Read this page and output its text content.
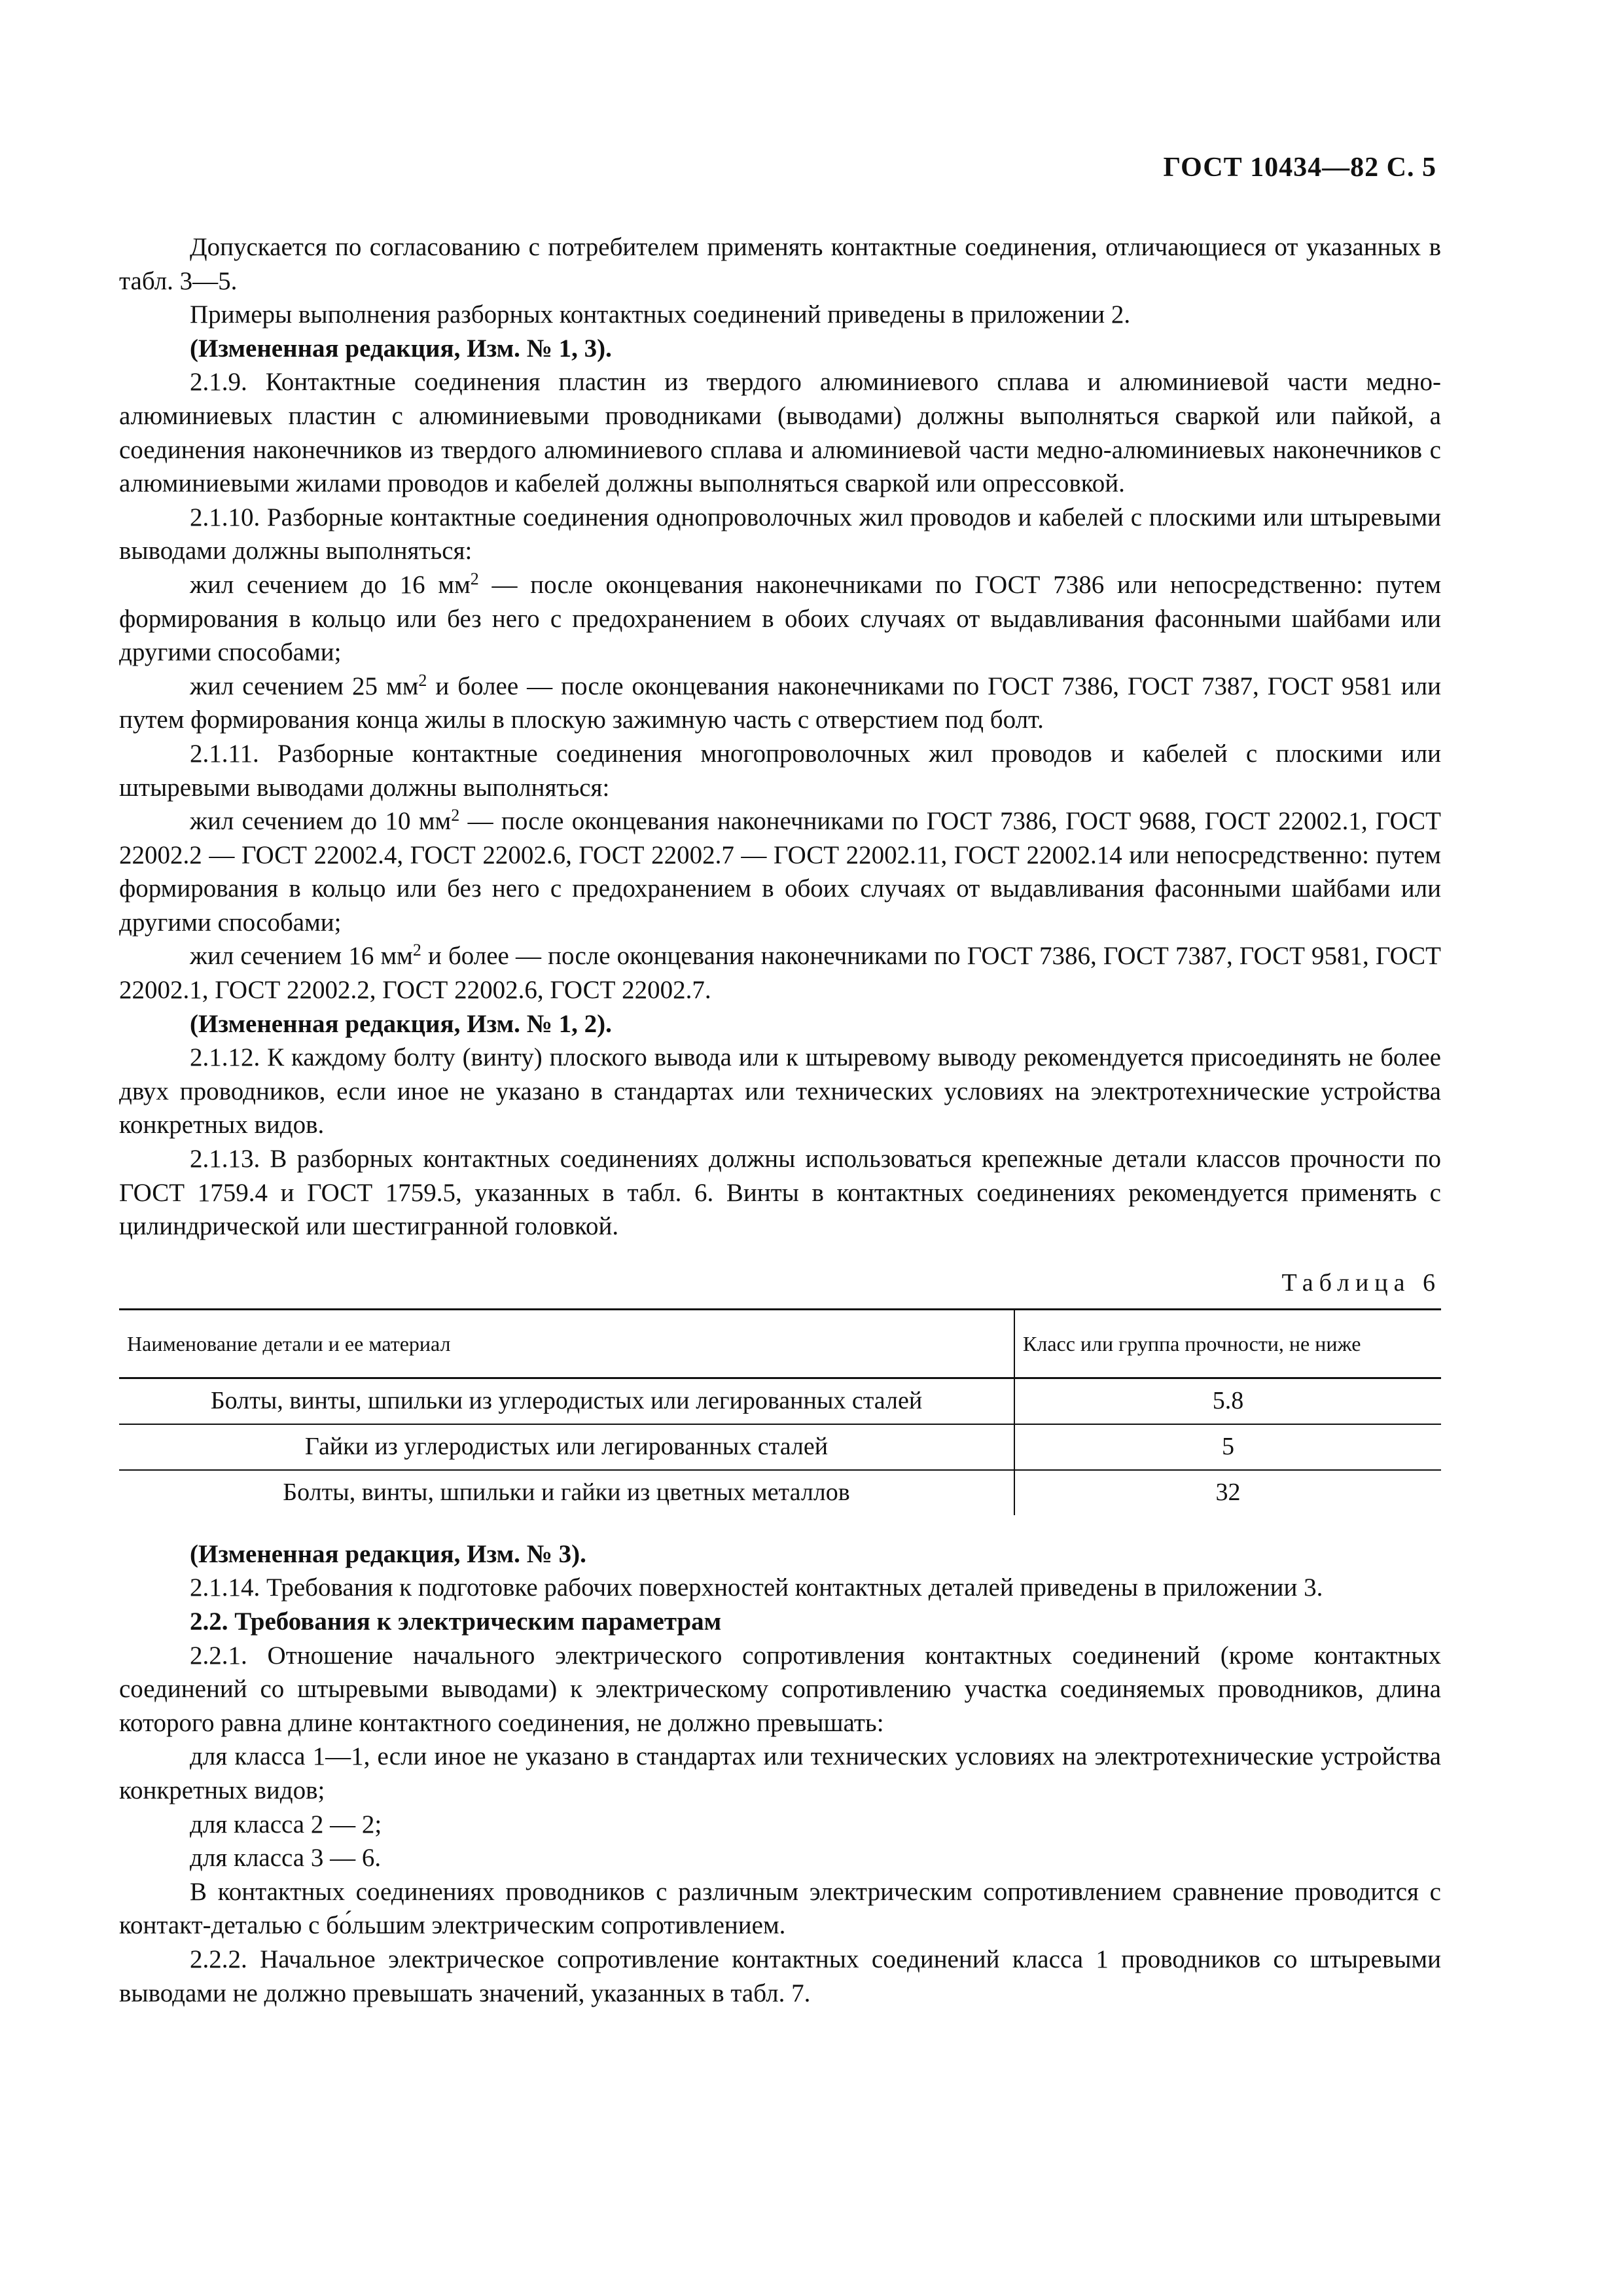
ГОСТ 10434—82 С. 5

Допускается по согласованию с потребителем применять контактные соединения, отличающиеся от указанных в табл. 3—5.

Примеры выполнения разборных контактных соединений приведены в приложении 2.

(Измененная редакция, Изм. № 1, 3).

2.1.9. Контактные соединения пластин из твердого алюминиевого сплава и алюминиевой части медно-алюминиевых пластин с алюминиевыми проводниками (выводами) должны выполняться сваркой или пайкой, а соединения наконечников из твердого алюминиевого сплава и алюминиевой части медно-алюминиевых наконечников с алюминиевыми жилами проводов и кабелей должны выполняться сваркой или опрессовкой.

2.1.10. Разборные контактные соединения однопроволочных жил проводов и кабелей с плоскими или штыревыми выводами должны выполняться:

жил сечением до 16 $мм^2$ — после оконцевания наконечниками по ГОСТ 7386 или непосредственно: путем формирования в кольцо или без него с предохранением в обоих случаях от выдавливания фасонными шайбами или другими способами;

жил сечением 25 $мм^2$ и более — после оконцевания наконечниками по ГОСТ 7386, ГОСТ 7387, ГОСТ 9581 или путем формирования конца жилы в плоскую зажимную часть с отверстием под болт.

2.1.11. Разборные контактные соединения многопроволочных жил проводов и кабелей с плоскими или штыревыми выводами должны выполняться:

жил сечением до 10 $мм^2$ — после оконцевания наконечниками по ГОСТ 7386, ГОСТ 9688, ГОСТ 22002.1, ГОСТ 22002.2 — ГОСТ 22002.4, ГОСТ 22002.6, ГОСТ 22002.7 — ГОСТ 22002.11, ГОСТ 22002.14 или непосредственно: путем формирования в кольцо или без него с предохранением в обоих случаях от выдавливания фасонными шайбами или другими способами;

жил сечением 16 $мм^2$ и более — после оконцевания наконечниками по ГОСТ 7386, ГОСТ 7387, ГОСТ 9581, ГОСТ 22002.1, ГОСТ 22002.2, ГОСТ 22002.6, ГОСТ 22002.7.

(Измененная редакция, Изм. № 1, 2).

2.1.12. К каждому болту (винту) плоского вывода или к штыревому выводу рекомендуется присоединять не более двух проводников, если иное не указано в стандартах или технических условиях на электротехнические устройства конкретных видов.

2.1.13. В разборных контактных соединениях должны использоваться крепежные детали классов прочности по ГОСТ 1759.4 и ГОСТ 1759.5, указанных в табл. 6. Винты в контактных соединениях рекомендуется применять с цилиндрической или шестигранной головкой.

Таблица 6
Наименование детали и ее материал	Класс или группа прочности, не ниже
Болты, винты, шпильки из углеродистых или легированных сталей	5.8
Гайки из углеродистых или легированных сталей	5
Болты, винты, шпильки и гайки из цветных металлов	32

(Измененная редакция, Изм. № 3).

2.1.14. Требования к подготовке рабочих поверхностей контактных деталей приведены в приложении 3.

2.2. Требования к электрическим параметрам

2.2.1. Отношение начального электрического сопротивления контактных соединений (кроме контактных соединений со штыревыми выводами) к электрическому сопротивлению участка соединяемых проводников, длина которого равна длине контактного соединения, не должно превышать:

для класса 1—1, если иное не указано в стандартах или технических условиях на электротехнические устройства конкретных видов;

для класса 2 — 2;

для класса 3 — 6.

В контактных соединениях проводников с различным электрическим сопротивлением сравнение проводится с контакт-деталью с бо́льшим электрическим сопротивлением.

2.2.2. Начальное электрическое сопротивление контактных соединений класса 1 проводников со штыревыми выводами не должно превышать значений, указанных в табл. 7.
